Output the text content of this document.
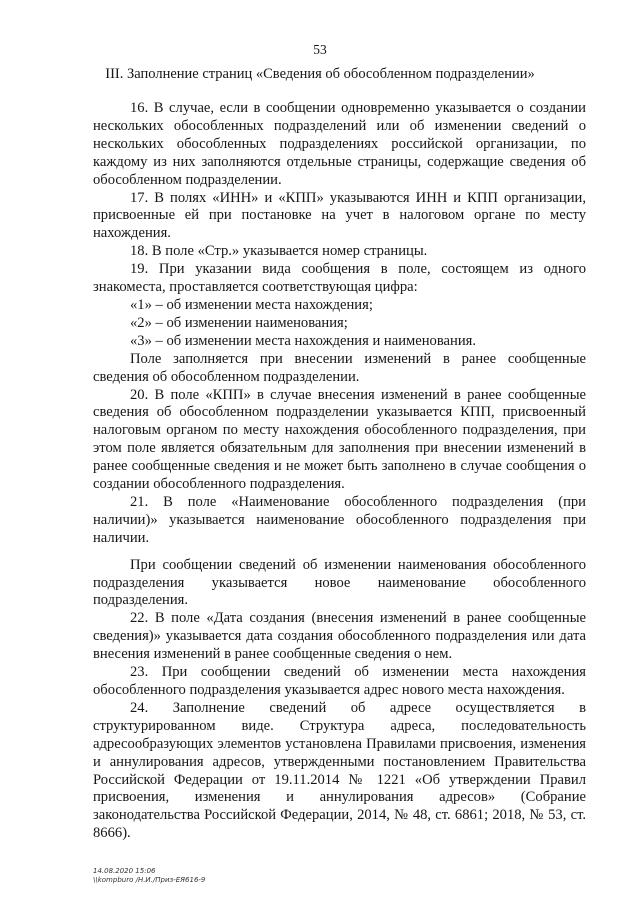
53
III. Заполнение страниц «Сведения об обособленном подразделении»

16. В случае, если в сообщении одновременно указывается о создании нескольких обособленных подразделений или об изменении сведений о нескольких обособленных подразделениях российской организации, по каждому из них заполняются отдельные страницы, содержащие сведения об обособленном подразделении.

17. В полях «ИНН» и «КПП» указываются ИНН и КПП организации, присвоенные ей при постановке на учет в налоговом органе по месту нахождения.

18. В поле «Стр.» указывается номер страницы.

19. При указании вида сообщения в поле, состоящем из одного знакоместа, проставляется соответствующая цифра:

«1» – об изменении места нахождения;

«2» – об изменении наименования;

«3» – об изменении места нахождения и наименования.

Поле заполняется при внесении изменений в ранее сообщенные сведения об обособленном подразделении.

20. В поле «КПП» в случае внесения изменений в ранее сообщенные сведения об обособленном подразделении указывается КПП, присвоенный налоговым органом по месту нахождения обособленного подразделения, при этом поле является обязательным для заполнения при внесении изменений в ранее сообщенные сведения и не может быть заполнено в случае сообщения о создании обособленного подразделения.

21. В поле «Наименование обособленного подразделения (при наличии)» указывается наименование обособленного подразделения при наличии.

При сообщении сведений об изменении наименования обособленного подразделения указывается новое наименование обособленного подразделения.

22. В поле «Дата создания (внесения изменений в ранее сообщенные сведения)» указывается дата создания обособленного подразделения или дата внесения изменений в ранее сообщенные сведения о нем.

23. При сообщении сведений об изменении места нахождения обособленного подразделения указывается адрес нового места нахождения.

24. Заполнение сведений об адресе осуществляется в структурированном виде. Структура адреса, последовательность адресообразующих элементов установлена Правилами присвоения, изменения и аннулирования адресов, утвержденными постановлением Правительства Российской Федерации от 19.11.2014 № 1221 «Об утверждении Правил присвоения, изменения и аннулирования адресов» (Собрание законодательства Российской Федерации, 2014, № 48, ст. 6861; 2018, № 53, ст. 8666).

14.08.2020 15:06
\\kompburo /Н.И./Приз-ЕЯ616-9
